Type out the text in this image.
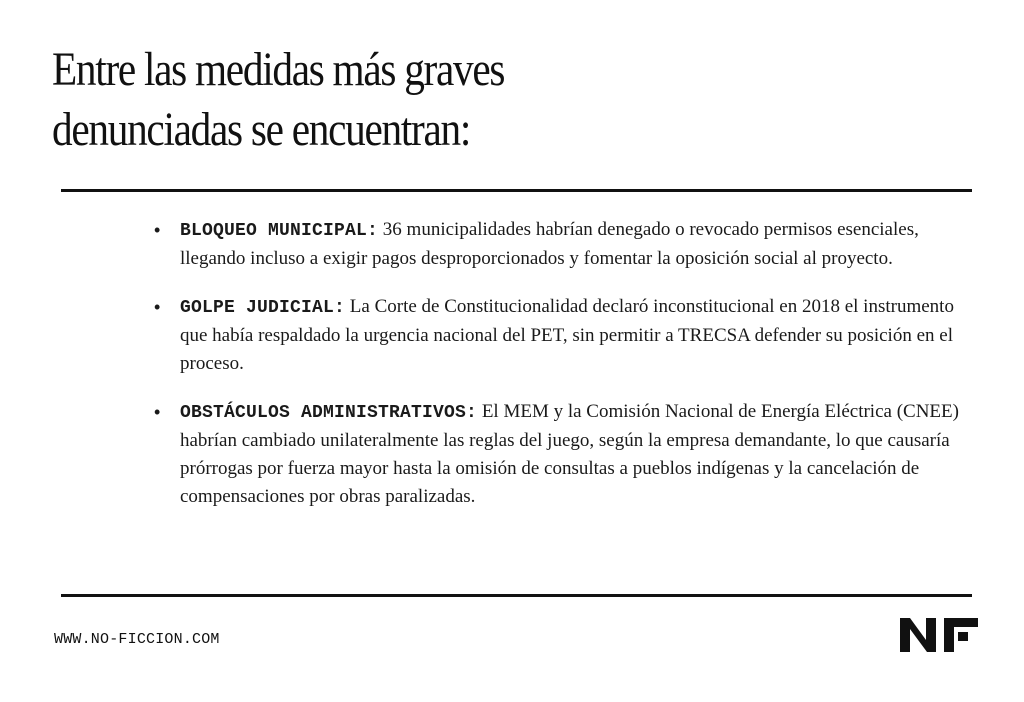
Entre las medidas más graves
denunciadas se encuentran:
• BLOQUEO MUNICIPAL: 36 municipalidades habrían denegado o revocado permisos esenciales, llegando incluso a exigir pagos desproporcionados y fomentar la oposición social al proyecto.
• GOLPE JUDICIAL: La Corte de Constitucionalidad declaró inconstitucional en 2018 el instrumento que había respaldado la urgencia nacional del PET, sin permitir a TRECSA defender su posición en el proceso.
• OBSTÁCULOS ADMINISTRATIVOS: El MEM y la Comisión Nacional de Energía Eléctrica (CNEE) habrían cambiado unilateralmente las reglas del juego, según la empresa demandante, lo que causaría prórrogas por fuerza mayor hasta la omisión de consultas a pueblos indígenas y la cancelación de compensaciones por obras paralizadas.
WWW.NO-FICCION.COM
